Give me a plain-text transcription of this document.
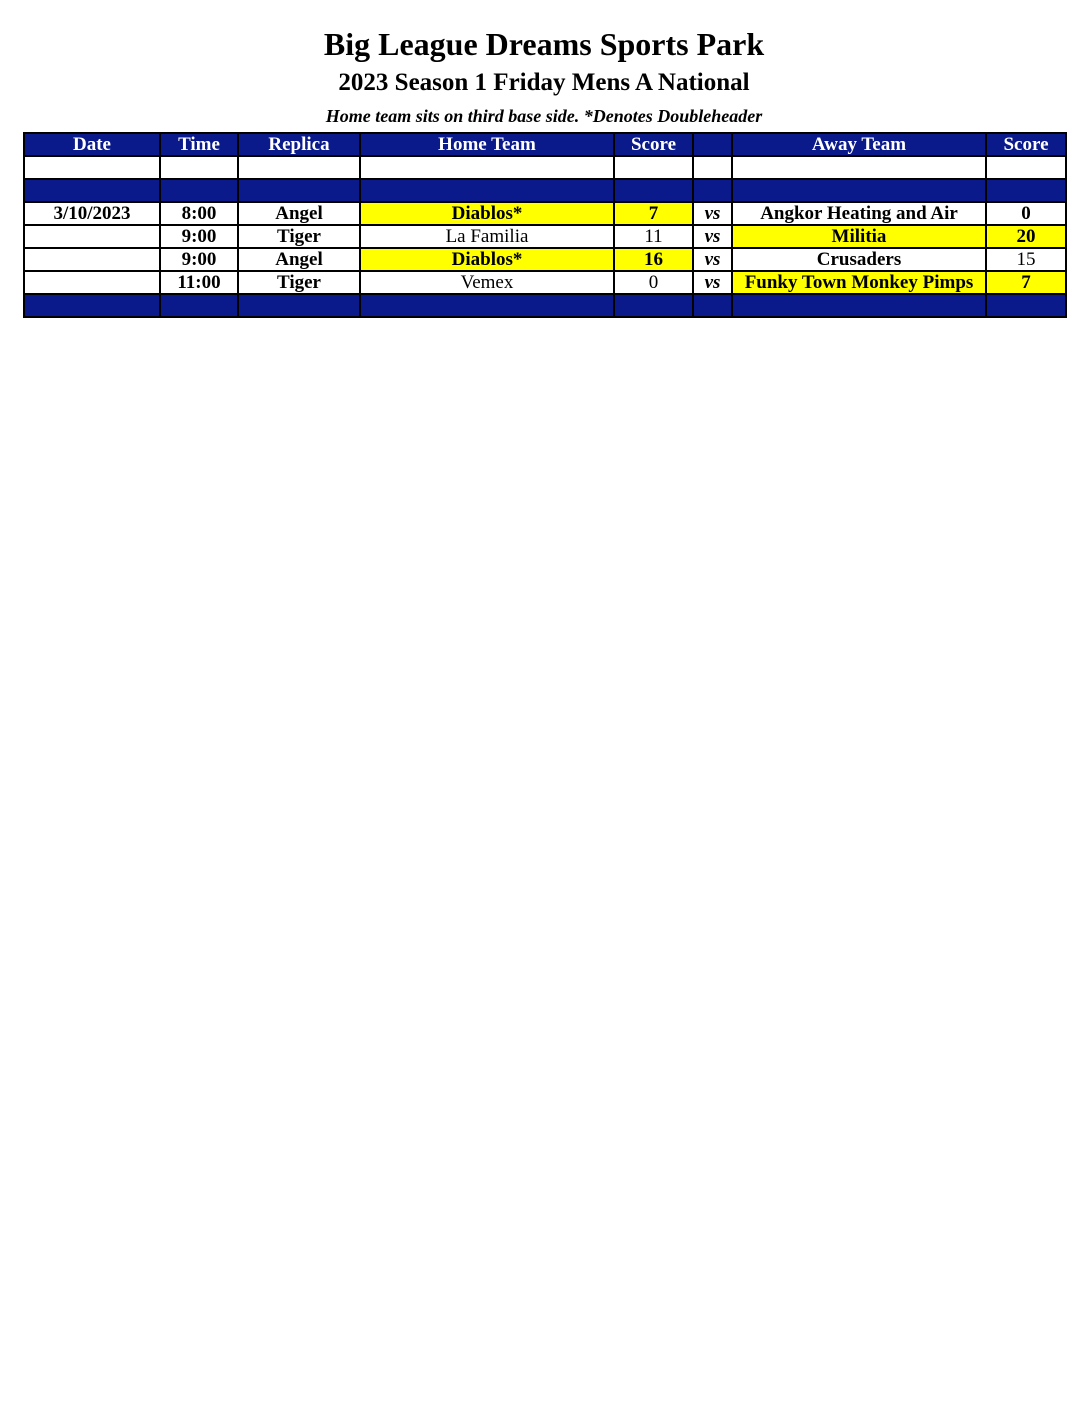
Big League Dreams Sports Park
2023 Season 1 Friday Mens A National
Home team sits on third base side. *Denotes Doubleheader
Date	Time	Replica	Home Team	Score		Away Team	Score

3/10/2023	8:00	Angel	Diablos*	7	vs	Angkor Heating and Air	0
	9:00	Tiger	La Familia	11	vs	Militia	20
	9:00	Angel	Diablos*	16	vs	Crusaders	15
	11:00	Tiger	Vemex	0	vs	Funky Town Monkey Pimps	7
